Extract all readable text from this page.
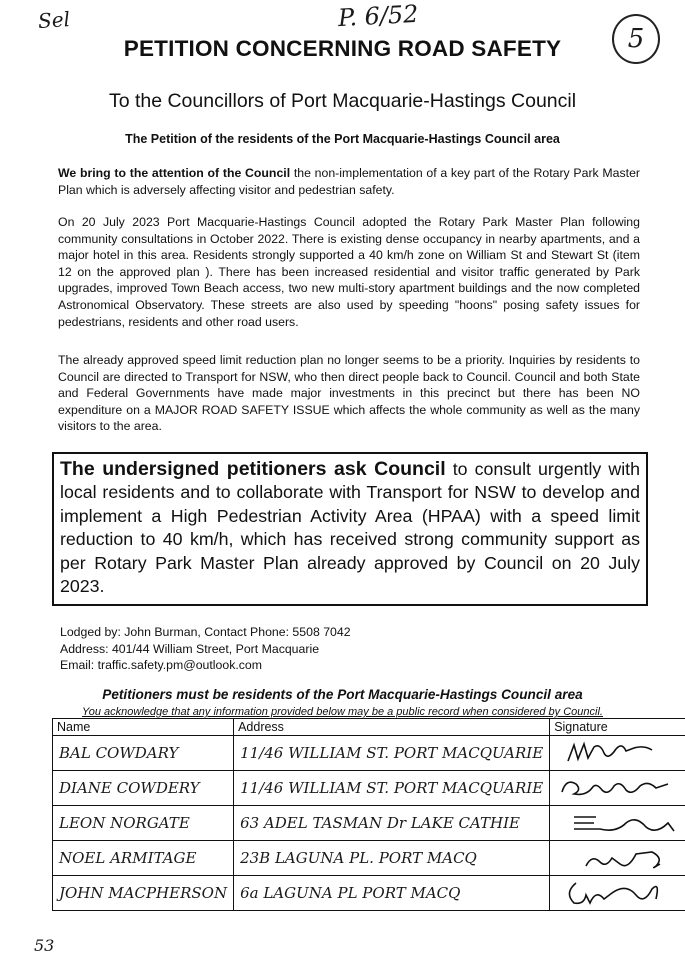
Sel	P. 6/52
5
PETITION CONCERNING ROAD SAFETY
To the Councillors of Port Macquarie-Hastings Council
The Petition of the residents of the Port Macquarie-Hastings Council area
We bring to the attention of the Council the non-implementation of a key part of the Rotary Park Master Plan which is adversely affecting visitor and pedestrian safety.
On 20 July 2023 Port Macquarie-Hastings Council adopted the Rotary Park Master Plan following community consultations in October 2022. There is existing dense occupancy in nearby apartments, and a major hotel in this area. Residents strongly supported a 40 km/h zone on William St and Stewart St (item 12 on the approved plan ). There has been increased residential and visitor traffic generated by Park upgrades, improved Town Beach access, two new multi-story apartment buildings and the now completed Astronomical Observatory. These streets are also used by speeding "hoons" posing safety issues for pedestrians, residents and other road users.
The already approved speed limit reduction plan no longer seems to be a priority. Inquiries by residents to Council are directed to Transport for NSW, who then direct people back to Council. Council and both State and Federal Governments have made major investments in this precinct but there has been NO expenditure on a MAJOR ROAD SAFETY ISSUE which affects the whole community as well as the many visitors to the area.
The undersigned petitioners ask Council to consult urgently with local residents and to collaborate with Transport for NSW to develop and implement a High Pedestrian Activity Area (HPAA) with a speed limit reduction to 40 km/h, which has received strong community support as per Rotary Park Master Plan already approved by Council on 20 July 2023.
Lodged by: John Burman, Contact Phone: 5508 7042
Address: 401/44 William Street, Port Macquarie
Email: traffic.safety.pm@outlook.com
Petitioners must be residents of the Port Macquarie-Hastings Council area
You acknowledge that any information provided below may be a public record when considered by Council.
Name	Address	Signature
BAL COWDARY	11/46 WILLIAM ST. PORT MACQUARIE	

DIANE COWDERY	11/46 WILLIAM ST. PORT MACQUARIE	

LEON NORGATE	63 ADEL TASMAN Dr LAKE CATHIE	

NOEL ARMITAGE	23B LAGUNA PL. PORT MACQ	

JOHN MACPHERSON	6a LAGUNA PL PORT MACQ	
53
